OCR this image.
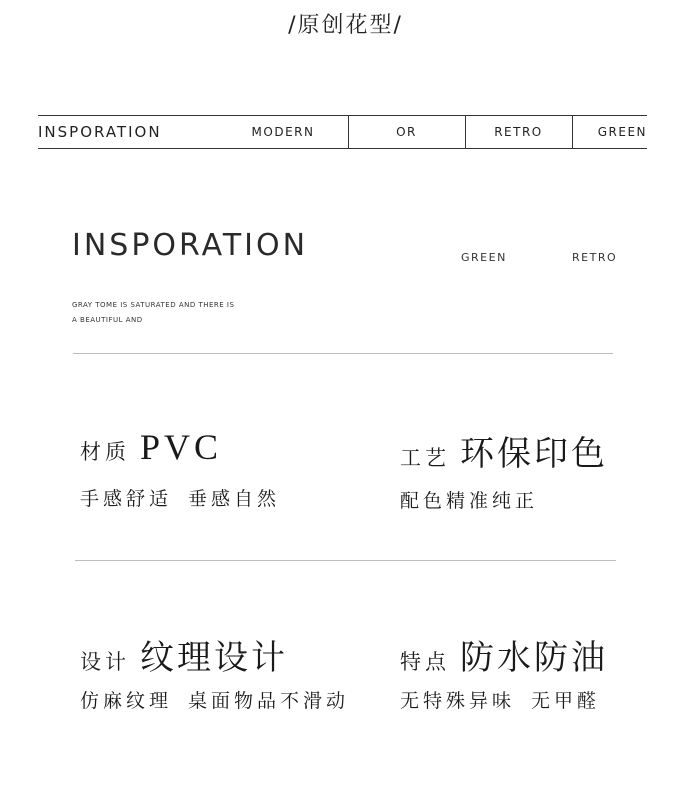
/原创花型/
INSPORATION	MODERN	OR	RETRO	GREEN
INSPORATION	GREEN	RETRO
GRAY TOME IS SATURATED AND THERE IS
A BEAUTIFUL AND
材质 PVC
手感舒适 垂感自然
工艺 环保印色
配色精准纯正
设计 纹理设计
仿麻纹理 桌面物品不滑动
特点 防水防油
无特殊异味 无甲醛
